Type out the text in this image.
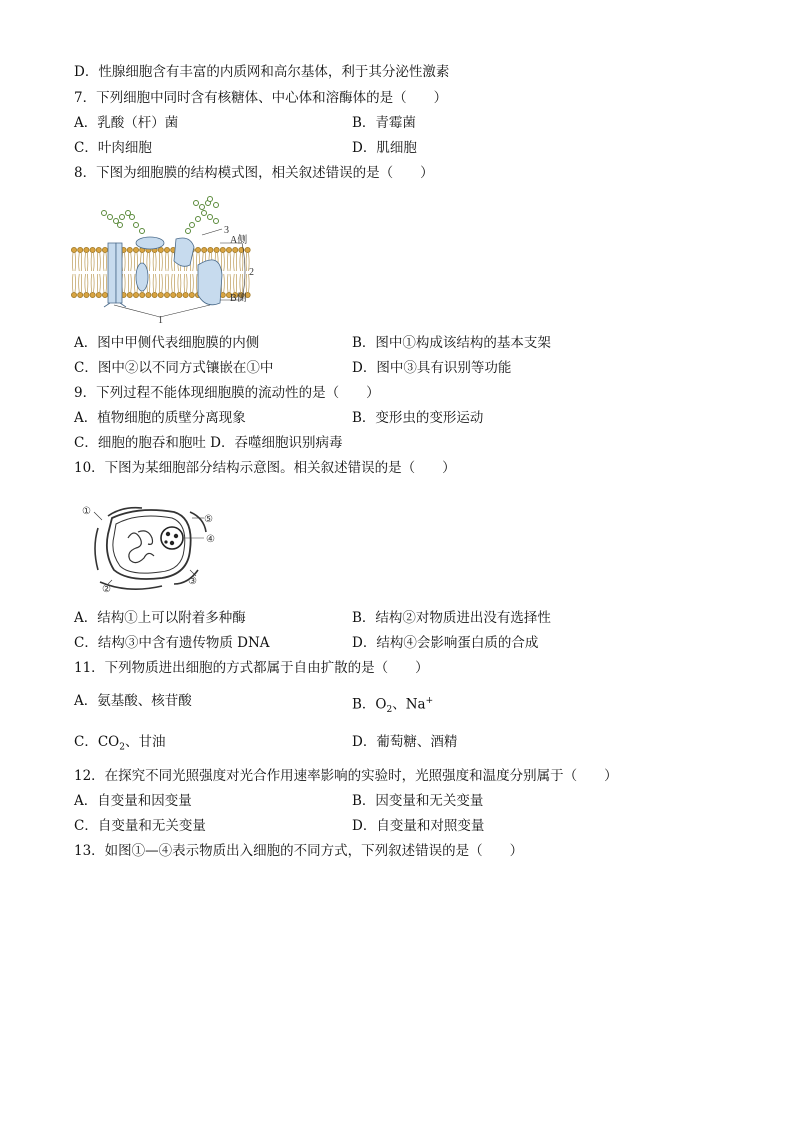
D．性腺细胞含有丰富的内质网和高尔基体，利于其分泌性激素
7．下列细胞中同时含有核糖体、中心体和溶酶体的是（　　）
A．乳酸（杆）菌	B．青霉菌
C．叶肉细胞	D．肌细胞
8．下图为细胞膜的结构模式图，相关叙述错误的是（　　）
3
A侧
2
B侧
1
A．图中甲侧代表细胞膜的内侧	B．图中①构成该结构的基本支架
C．图中②以不同方式镶嵌在①中	D．图中③具有识别等功能
9．下列过程不能体现细胞膜的流动性的是（　　）
A．植物细胞的质壁分离现象	B．变形虫的变形运动
C．细胞的胞吞和胞吐 D．吞噬细胞识别病毒
10．下图为某细胞部分结构示意图。相关叙述错误的是（　　）
①
②
③
④
⑤
A．结构①上可以附着多种酶	B．结构②对物质进出没有选择性
C．结构③中含有遗传物质 DNA	D．结构④会影响蛋白质的合成
11．下列物质进出细胞的方式都属于自由扩散的是（　　）
A．氨基酸、核苷酸	B．$O_2$、Na+
C．$CO_2$、甘油	D．葡萄糖、酒精
12．在探究不同光照强度对光合作用速率影响的实验时，光照强度和温度分别属于（　　）
A．自变量和因变量	B．因变量和无关变量
C．自变量和无关变量	D．自变量和对照变量
13．如图①—④表示物质出入细胞的不同方式，下列叙述错误的是（　　）
